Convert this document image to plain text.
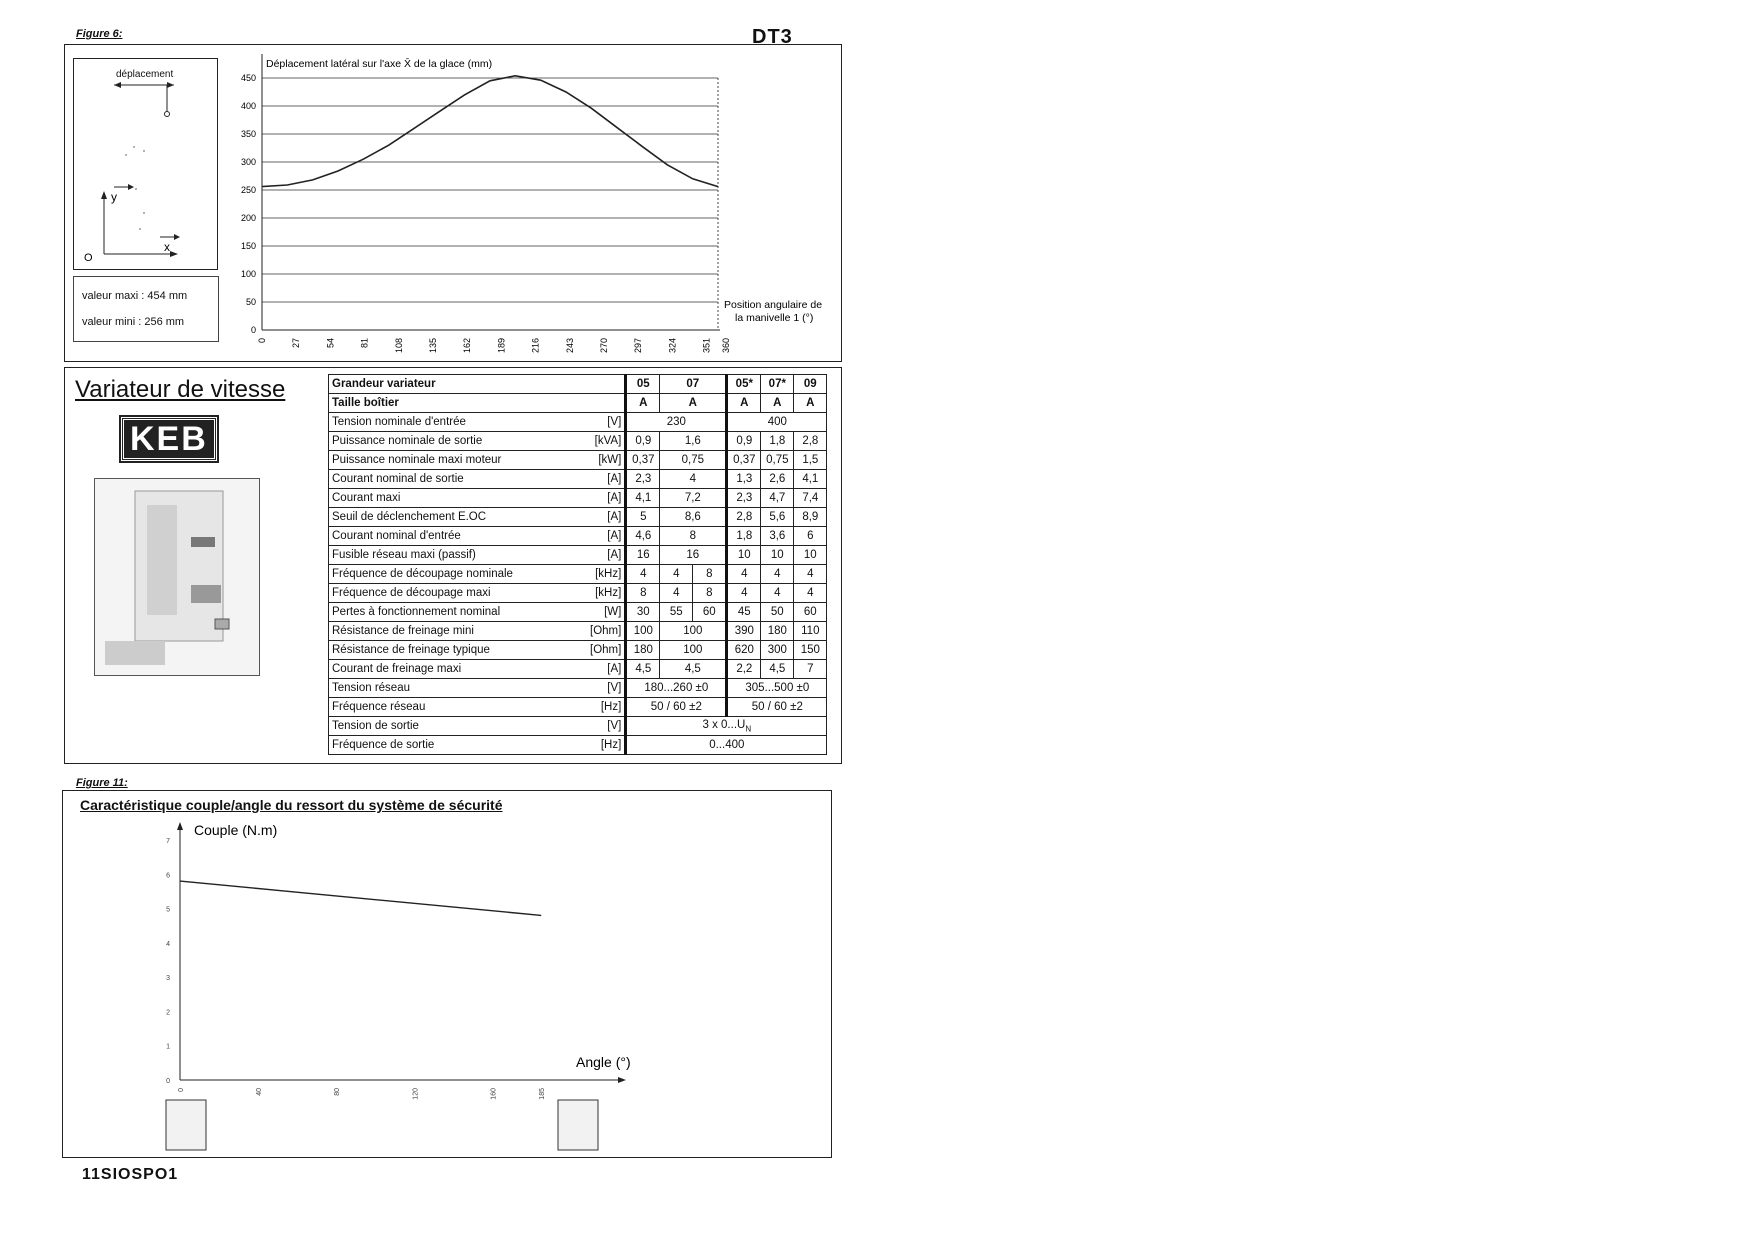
Figure 6:	DT3
déplacement
O
y
x
valeur maxi : 454 mm
valeur mini : 256 mm
0
50
100
150
200
250
300
350
400
450
0	27	54	81	108	135	162	189	216	243	270	297	324	351 360
Déplacement latéral sur l'axe X̄ de la glace (mm)
Position angulaire de
la manivelle 1 (°)
Variateur de vitesse
KEB
Grandeur variateur		05	07		05*	07*	09
Taille boîtier		A	A		A	A	A
Tension nominale d'entrée	[V]	230			400		
Puissance nominale de sortie	[kVA]	0,9	1,6		0,9	1,8	2,8
Puissance nominale maxi moteur	[kW]	0,37	0,75		0,37	0,75	1,5
Courant nominal de sortie	[A]	2,3	4		1,3	2,6	4,1
Courant maxi	[A]	4,1	7,2		2,3	4,7	7,4
Seuil de déclenchement E.OC	[A]	5	8,6		2,8	5,6	8,9
Courant nominal d'entrée	[A]	4,6	8		1,8	3,6	6
Fusible réseau maxi (passif)	[A]	16	16		10	10	10
Fréquence de découpage nominale	[kHz]	4	4	8	4	4	4
Fréquence de découpage maxi	[kHz]	8	4	8	4	4	4
Pertes à fonctionnement nominal	[W]	30	55	60	45	50	60
Résistance de freinage mini	[Ohm]	100	100		390	180	110
Résistance de freinage typique	[Ohm]	180	100		620	300	150
Courant de freinage maxi	[A]	4,5	4,5		2,2	4,5	7
Tension réseau	[V]	180...260 ±0			305...500 ±0		
Fréquence réseau	[Hz]	50 / 60 ±2			50 / 60 ±2		
Tension de sortie	[V]	3 x $0...U_N$
Fréquence de sortie	[Hz]	0...400					
Figure 11:
Caractéristique couple/angle du ressort du système de sécurité
0
1
2
3
4
5
6
7
0	40	80	120	160	185
Couple (N.m)
Angle (°)
11SIOSPO1
